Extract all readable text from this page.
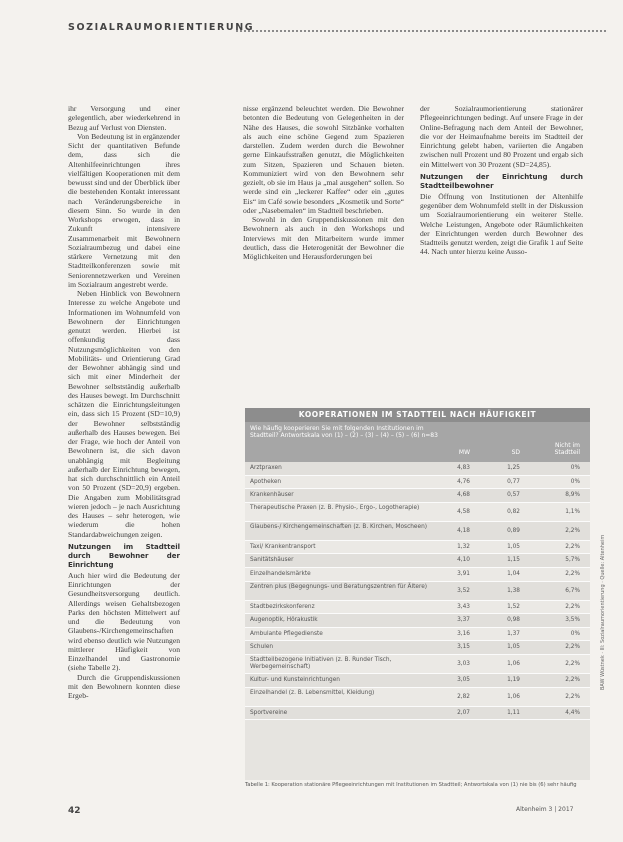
SOZIALRAUMORIENTIERUNG

ihr Versorgung und einer gelegentlich, aber wiederkehrend in Bezug auf Verlust von Diensten.

Von Bedeutung ist in ergänzender Sicht der quantitativen Befunde dem, dass sich die Altenhilfeeinrichtungen ihres vielfältigen Kooperationen mit dem bewusst sind und der Überblick über die bestehenden Kontakt interessant nach Veränderungsbereiche in diesem Sinn. So wurde in den Workshops erwogen, dass in Zukunft intensivere Zusammenarbeit mit Bewohnern Sozialraumbezug und dabei eine stärkere Vernetzung mit den Stadtteilkonferenzen sowie mit Seniorennetzwerken und Vereinen im Sozialraum angestrebt werde.

Neben Hinblick von Bewohnern Interesse zu welche Angebote und Informationen im Wohnumfeld von Bewohnern der Einrichtungen genutzt werden. Hierbei ist offenkundig dass Nutzungsmöglichkeiten von den Mobilitäts- und Orientierung Grad der Bewohner abhängig sind und sich mit einer Minderheit der Bewohner selbstständig außerhalb des Hauses bewegt. Im Durchschnitt schätzen die Einrichtungsleitungen ein, dass sich 15 Prozent (SD=10,9) der Bewohner selbstständig außerhalb des Hauses bewegen. Bei der Frage, wie hoch der Anteil von Bewohnern ist, die sich davon unabhängig mit Begleitung außerhalb der Einrichtung bewegen, hat sich durchschnittlich ein Anteil von 50 Prozent (SD=20,9) ergeben. Die Angaben zum Mobilitätsgrad wieren jedoch – je nach Ausrichtung des Hauses – sehr heterogen, wie wiederum die hohen Standardabweichungen zeigen.

Nutzungen im Stadtteil durch Bewohner der Einrichtung

Auch hier wird die Bedeutung der Einrichtungen der Gesundheitsversorgung deutlich. Allerdings weisen Gehaltsbezogen Parks den höchsten Mittelwert auf und die Bedeutung von Glaubens-/Kirchengemeinschaften wird ebenso deutlich wie Nutzungen mittlerer Häufigkeit von Einzelhandel und Gastronomie (siehe Tabelle 2).

Durch die Gruppendiskussionen mit den Bewohnern konnten diese Ergeb-

nisse ergänzend beleuchtet werden. Die Bewohner betonten die Bedeutung von Gelegenheiten in der Nähe des Hauses, die sowohl Sitzbänke vorhalten als auch eine schöne Gegend zum Spazieren darstellen. Zudem werden durch die Bewohner gerne Einkaufsstraßen genutzt, die Möglichkeiten zum Sitzen, Spazieren und Schauen bieten. Kommuniziert wird von den Bewohnern sehr gezielt, ob sie im Haus ja „mal ausgehen“ sollen. So werde sind ein „leckerer Kaffee“ oder ein „gutes Eis“ im Café sowie besonders „Kosmetik und Sorte“ oder „Nasebemalen“ im Stadtteil beschrieben.

Sowohl in den Gruppendiskussionen mit den Bewohnern als auch in den Workshops und Interviews mit den Mitarbeitern wurde immer deutlich, dass die Heterogenität der Bewohner die Möglichkeiten und Herausforderungen bei

der Sozialraumorientierung stationärer Pflegeeinrichtungen bedingt. Auf unsere Frage in der Online-Befragung nach dem Anteil der Bewohner, die vor der Heimaufnahme bereits im Stadtteil der Einrichtung gelebt haben, variierten die Angaben zwischen null Prozent und 80 Prozent und ergab sich ein Mittelwert von 30 Prozent (SD=24,85).

Nutzungen der Einrichtung durch Stadtteilbewohner

Die Öffnung von Institutionen der Altenhilfe gegenüber dem Wohnumfeld stellt in der Diskussion um Sozialraumorientierung ein weiterer Stelle. Welche Leistungen, Angebote oder Räumlichkeiten der Einrichtungen werden durch Bewohner des Stadtteils genutzt werden, zeigt die Grafik 1 auf Seite 44. Nach unter hierzu keine Ausso-

KOOPERATIONEN IM STADTTEIL NACH HÄUFIGKEIT
Wie häufig kooperieren Sie mit folgenden Institutionen im Stadtteil? Antwortskala von (1) – (2) – (3) – (4) – (5) – (6) n=83
MW	SD
Nicht im Stadtteil
Arztpraxen	4,83	1,25	0%
Apotheken	4,76	0,77	0%
Krankenhäuser	4,68	0,57	8,9%
Therapeutische Praxen (z. B. Physio-, Ergo-, Logotherapie)
4,58	0,82	1,1%
Glaubens-/ Kirchengemeinschaften (z. B. Kirchen, Moscheen)
4,18	0,89	2,2%
Taxi/ Krankentransport	1,32	1,05	2,2%
Sanitätshäuser	4,10	1,15	5,7%
Einzelhandelsmärkte	3,91	1,04	2,2%
Zentren plus (Begegnungs- und Beratungszentren für Ältere)
3,52	1,38	6,7%
Stadtbezirkskonferenz	3,43	1,52	2,2%
Augenoptik, Hörakustik	3,37	0,98	3,5%
Ambulante Pflegedienste	3,16	1,37	0%
Schulen	3,15	1,05	2,2%
Stadtteilbezogene Initiativen (z. B. Runder Tisch, Werbegemeinschaft)	3,03	1,06	2,2%
Kultur- und Kunsteinrichtungen	3,05	1,19	2,2%
Einzelhandel (z. B. Lebensmittel, Kleidung)
2,82	1,06	2,2%
Sportvereine	2,07	1,11	4,4%
Tabelle 1: Kooperation stationäre Pflegeeinrichtungen mit Institutionen im Stadtteil; Antwortskala von (1) nie bis (6) sehr häufig
42	Altenheim 3 | 2017
BAW Wüstnek · Ill: Sozialraumorientierung · Quelle: Altenheim
